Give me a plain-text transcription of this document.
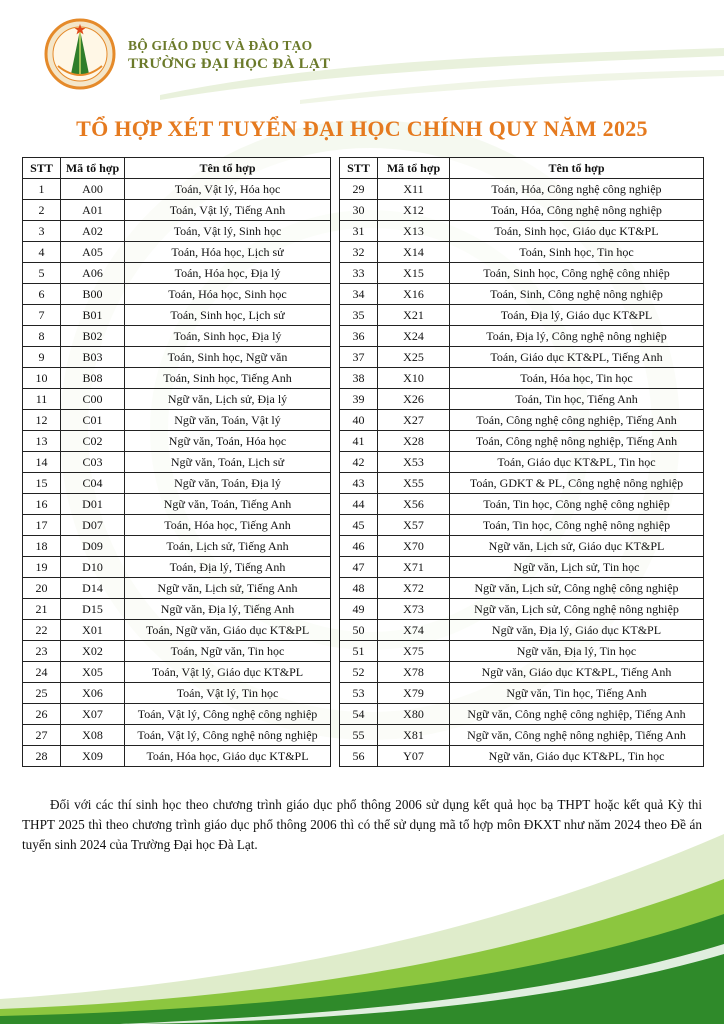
BỘ GIÁO DỤC VÀ ĐÀO TẠO
TRƯỜNG ĐẠI HỌC ĐÀ LẠT
TỔ HỢP XÉT TUYỂN ĐẠI HỌC CHÍNH QUY NĂM 2025
STT	Mã tổ hợp	Tên tổ hợp
1	A00	Toán, Vật lý, Hóa học
2	A01	Toán, Vật lý, Tiếng Anh
3	A02	Toán, Vật lý, Sinh học
4	A05	Toán, Hóa học, Lịch sử
5	A06	Toán, Hóa học, Địa lý
6	B00	Toán, Hóa học, Sinh học
7	B01	Toán, Sinh học, Lịch sử
8	B02	Toán, Sinh học, Địa lý
9	B03	Toán, Sinh học, Ngữ văn
10	B08	Toán, Sinh học, Tiếng Anh
11	C00	Ngữ văn, Lịch sử, Địa lý
12	C01	Ngữ văn, Toán, Vật lý
13	C02	Ngữ văn, Toán, Hóa học
14	C03	Ngữ văn, Toán, Lịch sử
15	C04	Ngữ văn, Toán, Địa lý
16	D01	Ngữ văn, Toán, Tiếng Anh
17	D07	Toán, Hóa học, Tiếng Anh
18	D09	Toán, Lịch sử, Tiếng Anh
19	D10	Toán, Địa lý, Tiếng Anh
20	D14	Ngữ văn, Lịch sử, Tiếng Anh
21	D15	Ngữ văn, Địa lý, Tiếng Anh
22	X01	Toán, Ngữ văn, Giáo dục KT&PL
23	X02	Toán, Ngữ văn, Tin học
24	X05	Toán, Vật lý, Giáo dục KT&PL
25	X06	Toán, Vật lý, Tin học
26	X07	Toán, Vật lý, Công nghệ công nghiệp
27	X08	Toán, Vật lý, Công nghệ nông nghiệp
28	X09	Toán, Hóa học, Giáo dục KT&PL
STT	Mã tổ hợp	Tên tổ hợp
29	X11	Toán, Hóa, Công nghệ công nghiệp
30	X12	Toán, Hóa, Công nghệ nông nghiệp
31	X13	Toán, Sinh học, Giáo dục KT&PL
32	X14	Toán, Sinh học, Tin học
33	X15	Toán, Sinh học, Công nghệ công nhiệp
34	X16	Toán, Sinh, Công nghệ nông nghiệp
35	X21	Toán, Địa lý, Giáo dục KT&PL
36	X24	Toán, Địa lý, Công nghệ nông nghiệp
37	X25	Toán, Giáo dục KT&PL, Tiếng Anh
38	X10	Toán, Hóa học, Tin học
39	X26	Toán, Tin học, Tiếng Anh
40	X27	Toán, Công nghệ công nghiệp, Tiếng Anh
41	X28	Toán, Công nghệ nông nghiệp, Tiếng Anh
42	X53	Toán, Giáo dục KT&PL, Tin học
43	X55	Toán, GDKT & PL, Công nghệ nông nghiệp
44	X56	Toán, Tin học, Công nghệ công nghiệp
45	X57	Toán, Tin học, Công nghệ nông nghiệp
46	X70	Ngữ văn, Lịch sử, Giáo dục KT&PL
47	X71	Ngữ văn, Lịch sử, Tin học
48	X72	Ngữ văn, Lịch sử, Công nghệ công nghiệp
49	X73	Ngữ văn, Lịch sử, Công nghệ nông nghiệp
50	X74	Ngữ văn, Địa lý, Giáo dục KT&PL
51	X75	Ngữ văn, Địa lý, Tin học
52	X78	Ngữ văn, Giáo dục KT&PL, Tiếng Anh
53	X79	Ngữ văn, Tin học, Tiếng Anh
54	X80	Ngữ văn, Công nghệ công nghiệp, Tiếng Anh
55	X81	Ngữ văn, Công nghệ nông nghiệp, Tiếng Anh
56	Y07	Ngữ văn, Giáo dục KT&PL, Tin học
Đối với các thí sinh học theo chương trình giáo dục phổ thông 2006 sử dụng kết quả học bạ THPT hoặc kết quả Kỳ thi THPT 2025 thì theo chương trình giáo dục phổ thông 2006 thì có thể sử dụng mã tổ hợp môn ĐKXT như năm 2024 theo Đề án tuyển sinh 2024 của Trường Đại học Đà Lạt.
